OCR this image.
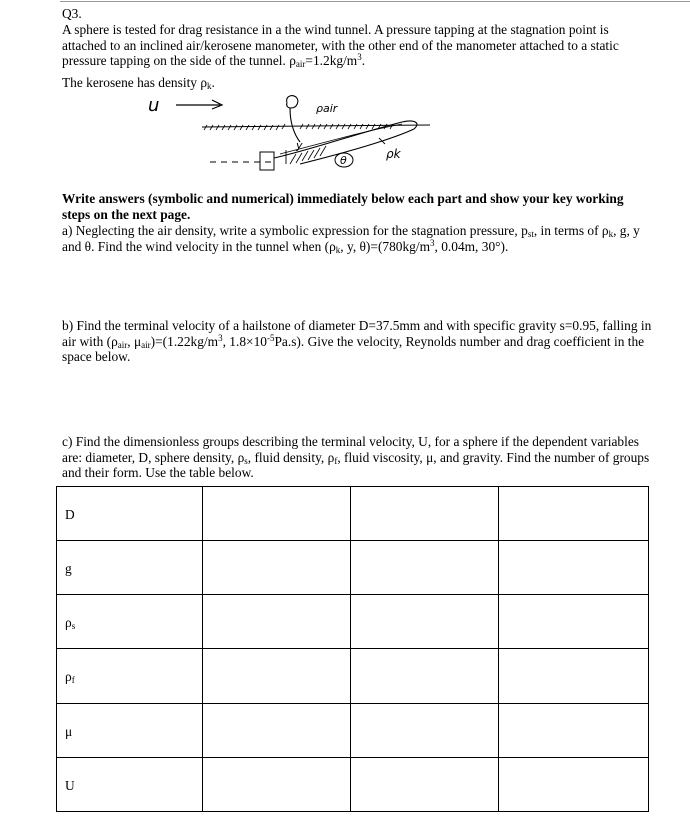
Q3.

A sphere is tested for drag resistance in a the wind tunnel. A pressure tapping at the stagnation point is attached to an inclined air/kerosene manometer, with the other end of the manometer attached to a static pressure tapping on the side of the tunnel. $\rho_{air}=1.2kg/m^3$.

The kerosene has density $\rho_k$.

u	ρair
y
θ	ρk

Write answers (symbolic and numerical) immediately below each part and show your key working steps on the next page.

a) Neglecting the air density, write a symbolic expression for the stagnation pressure, $p_{st}$, in terms of $\rho_k$, g, y and θ. Find the wind velocity in the tunnel when ($\rho_k$, y, $\theta)=(780kg/m^3$, 0.04m, 30°).

b) Find the terminal velocity of a hailstone of diameter D=37.5mm and with specific gravity s=0.95, falling in air with ($\rho_{air}$, $\mu_{air})=(1.22kg/m^3$, $1.8\times 10^{-5}Pa.s$). Give the velocity, Reynolds number and drag coefficient in the space below.

c) Find the dimensionless groups describing the terminal velocity, U, for a sphere if the dependent variables are: diameter, D, sphere density, $\rho_s$, fluid density, $\rho_f$, fluid viscosity, μ, and gravity. Find the number of groups and their form. Use the table below.

D			
g			
$\rho_s$			
$\rho_f$			
μ			
U			
